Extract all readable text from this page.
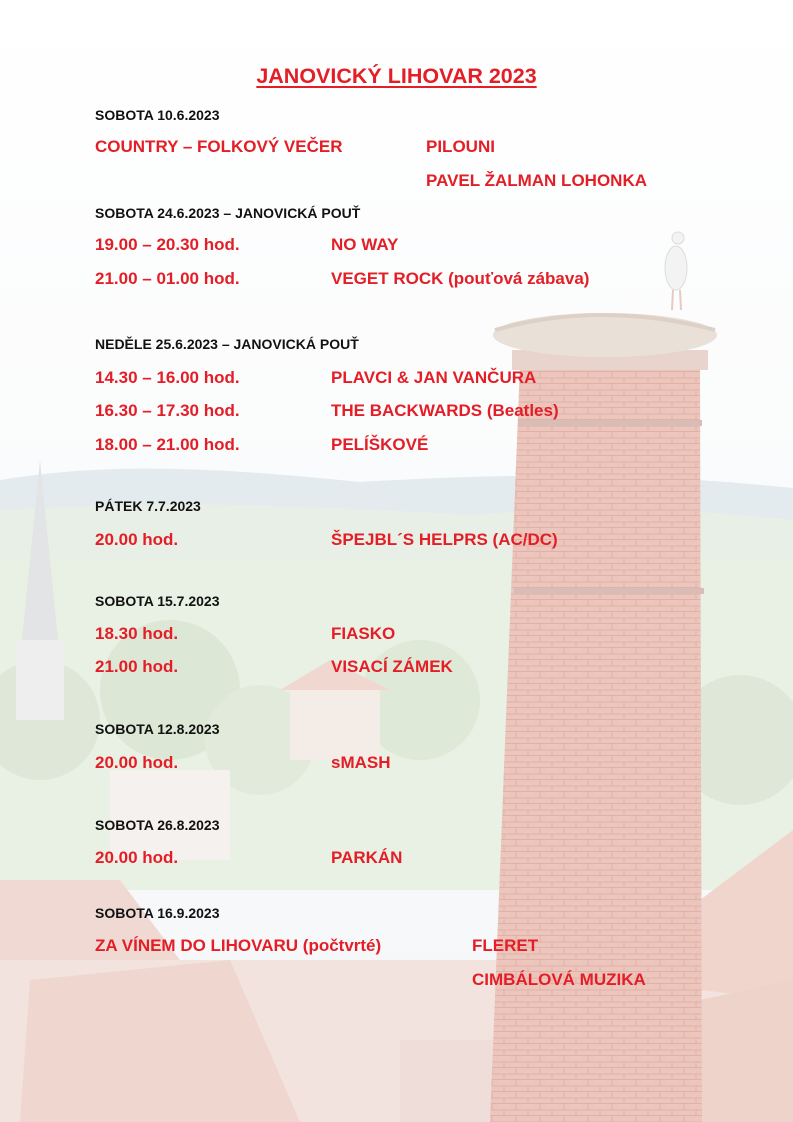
JANOVICKÝ LIHOVAR 2023
SOBOTA 10.6.2023
COUNTRY – FOLKOVÝ VEČER	PILOUNI
PAVEL ŽALMAN LOHONKA
SOBOTA 24.6.2023 – JANOVICKÁ POUŤ
19.00 – 20.30 hod.	NO WAY
21.00 – 01.00 hod.	VEGET ROCK (pouťová zábava)
NEDĚLE 25.6.2023 – JANOVICKÁ POUŤ
14.30 – 16.00 hod.	PLAVCI & JAN VANČURA
16.30 – 17.30 hod.	THE BACKWARDS (Beatles)
18.00 – 21.00 hod.	PELÍŠKOVÉ
PÁTEK 7.7.2023
20.00 hod.	ŠPEJBL´S HELPRS (AC/DC)
SOBOTA 15.7.2023
18.30 hod.	FIASKO
21.00 hod.	VISACÍ ZÁMEK
SOBOTA 12.8.2023
20.00 hod.	sMASH
SOBOTA 26.8.2023
20.00 hod.	PARKÁN
SOBOTA 16.9.2023
ZA VÍNEM DO LIHOVARU (počtvrté)	FLERET
CIMBÁLOVÁ MUZIKA
